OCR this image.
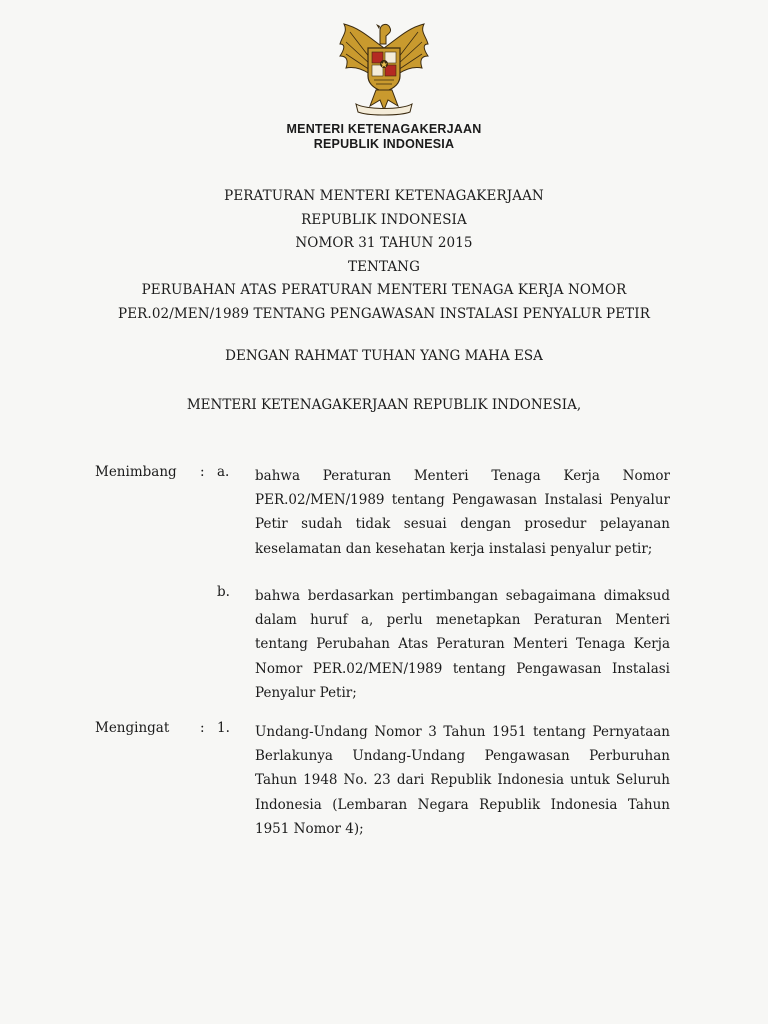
MENTERI KETENAGAKERJAAN
REPUBLIK INDONESIA
PERATURAN MENTERI KETENAGAKERJAAN
REPUBLIK INDONESIA
NOMOR 31 TAHUN 2015
TENTANG
PERUBAHAN ATAS PERATURAN MENTERI TENAGA KERJA NOMOR
PER.02/MEN/1989 TENTANG PENGAWASAN INSTALASI PENYALUR PETIR
DENGAN RAHMAT TUHAN YANG MAHA ESA
MENTERI KETENAGAKERJAAN REPUBLIK INDONESIA,
Menimbang	: a.	bahwa Peraturan Menteri Tenaga Kerja Nomor PER.02/MEN/1989 tentang Pengawasan Instalasi Penyalur Petir sudah tidak sesuai dengan prosedur pelayanan keselamatan dan kesehatan kerja instalasi penyalur petir;
b.	bahwa berdasarkan pertimbangan sebagaimana dimaksud dalam huruf a, perlu menetapkan Peraturan Menteri tentang Perubahan Atas Peraturan Menteri Tenaga Kerja Nomor PER.02/MEN/1989 tentang Pengawasan Instalasi Penyalur Petir;
Mengingat	: 1.	Undang-Undang Nomor 3 Tahun 1951 tentang Pernyataan Berlakunya Undang-Undang Pengawasan Perburuhan Tahun 1948 No. 23 dari Republik Indonesia untuk Seluruh Indonesia (Lembaran Negara Republik Indonesia Tahun 1951 Nomor 4);
